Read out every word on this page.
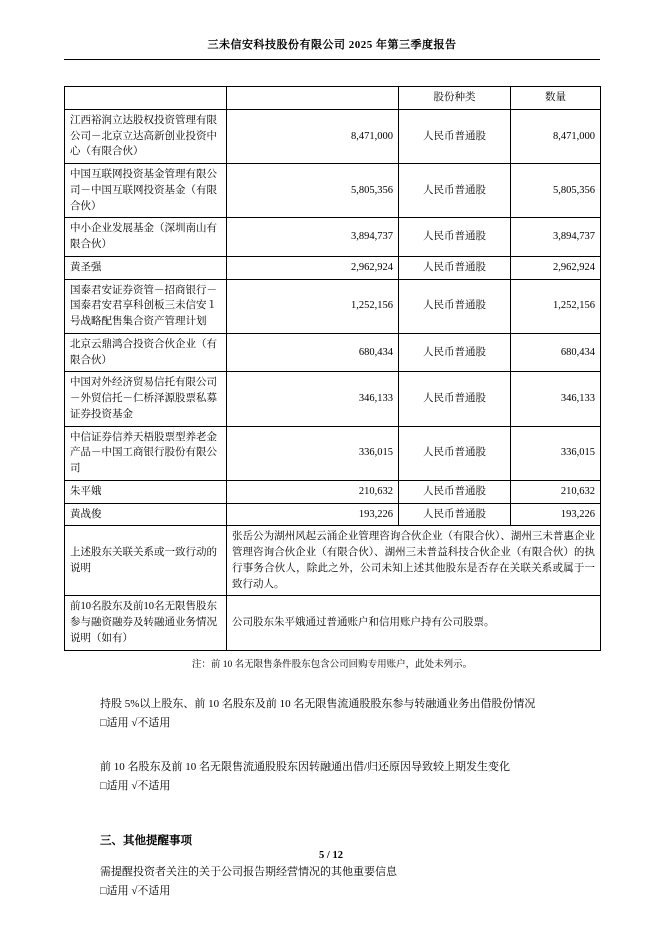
三未信安科技股份有限公司 2025 年第三季度报告
		股份种类	数量
江西裕润立达股权投资管理有限公司－北京立达高新创业投资中心（有限合伙）	8,471,000	人民币普通股	8,471,000
中国互联网投资基金管理有限公司－中国互联网投资基金（有限合伙）	5,805,356	人民币普通股	5,805,356
中小企业发展基金（深圳南山有限合伙）	3,894,737	人民币普通股	3,894,737
黄圣强	2,962,924	人民币普通股	2,962,924
国泰君安证券资管－招商银行－国泰君安君享科创板三未信安１号战略配售集合资产管理计划	1,252,156	人民币普通股	1,252,156
北京云鼎鸿合投资合伙企业（有限合伙）	680,434	人民币普通股	680,434
中国对外经济贸易信托有限公司－外贸信托－仁桥泽源股票私募证券投资基金	346,133	人民币普通股	346,133
中信证券信养天梧股票型养老金产品－中国工商银行股份有限公司	336,015	人民币普通股	336,015
朱平娥	210,632	人民币普通股	210,632
黄战俊	193,226	人民币普通股	193,226
上述股东关联关系或一致行动的说明	张岳公为湖州风起云涌企业管理咨询合伙企业（有限合伙）、湖州三未普惠企业管理咨询合伙企业（有限合伙）、湖州三未普益科技合伙企业（有限合伙）的执行事务合伙人，除此之外，公司未知上述其他股东是否存在关联关系或属于一致行动人。		
前10名股东及前10名无限售股东参与融资融券及转融通业务情况说明（如有）	公司股东朱平娥通过普通账户和信用账户持有公司股票。		
注：前 10 名无限售条件股东包含公司回购专用账户，此处未列示。
持股 5%以上股东、前 10 名股东及前 10 名无限售流通股股东参与转融通业务出借股份情况
□适用 √不适用
前 10 名股东及前 10 名无限售流通股股东因转融通出借/归还原因导致较上期发生变化
□适用 √不适用
三、其他提醒事项
需提醒投资者关注的关于公司报告期经营情况的其他重要信息
□适用 √不适用
5 / 12
